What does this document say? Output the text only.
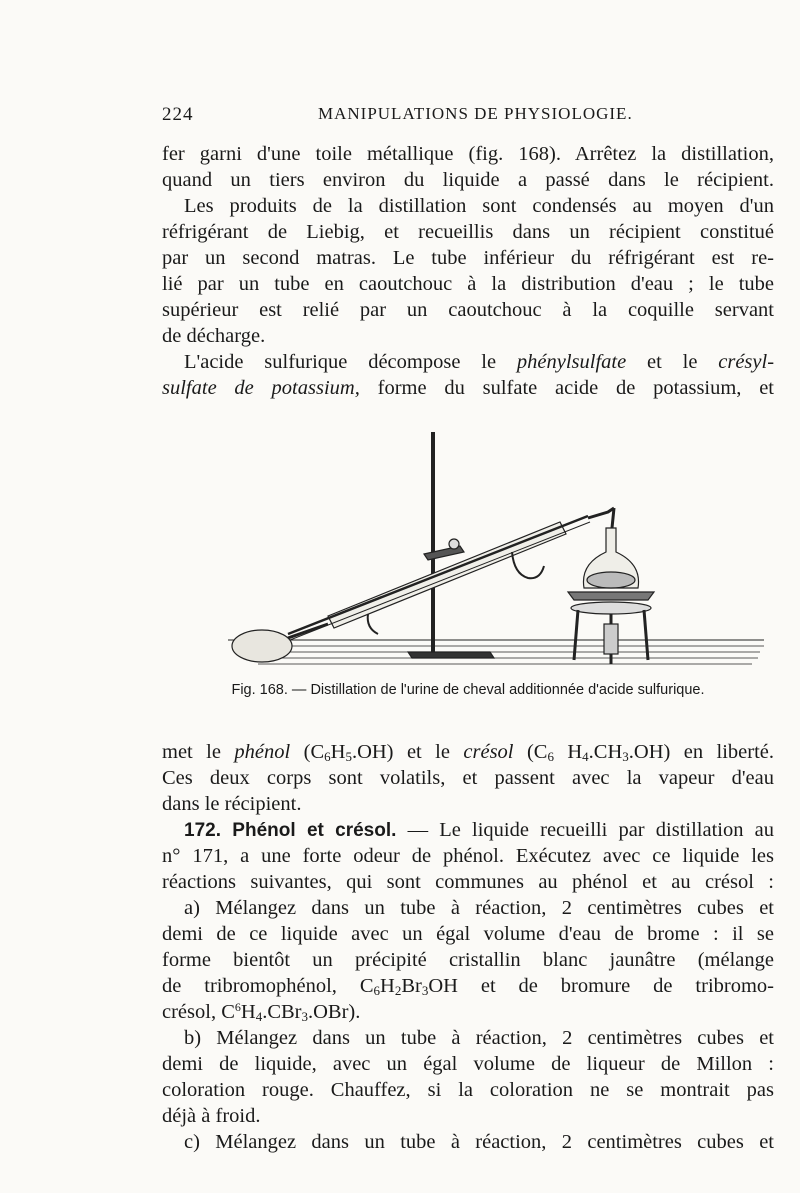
224	MANIPULATIONS DE PHYSIOLOGIE.
fer garni d'une toile métallique (fig. 168). Arrêtez la distillation,
quand un tiers environ du liquide a passé dans le récipient.
Les produits de la distillation sont condensés au moyen d'un
réfrigérant de Liebig, et recueillis dans un récipient constitué
par un second matras. Le tube inférieur du réfrigérant est re-
lié par un tube en caoutchouc à la distribution d'eau ; le tube
supérieur est relié par un caoutchouc à la coquille servant
de décharge.
L'acide sulfurique décompose le phénylsulfate et le crésyl-
sulfate de potassium, forme du sulfate acide de potassium, et
Fig. 168. — Distillation de l'urine de cheval additionnée d'acide sulfurique.
met le phénol $(C_6H_5.OH)$ et le crésol ($C_6$ $H_4.CH_3.OH$) en liberté.
Ces deux corps sont volatils, et passent avec la vapeur d'eau
dans le récipient.
172. Phénol et crésol. — Le liquide recueilli par distillation au
n° 171, a une forte odeur de phénol. Exécutez avec ce liquide les
réactions suivantes, qui sont communes au phénol et au crésol :
a) Mélangez dans un tube à réaction, 2 centimètres cubes et
demi de ce liquide avec un égal volume d'eau de brome : il se
forme bientôt un précipité cristallin blanc jaunâtre (mélange
de tribromophénol, $C_6H_2Br_3OH$ et de bromure de tribromo-
crésol, $C^6H_4.CBr_3.OBr$).
b) Mélangez dans un tube à réaction, 2 centimètres cubes et
demi de liquide, avec un égal volume de liqueur de Millon :
coloration rouge. Chauffez, si la coloration ne se montrait pas
déjà à froid.
c) Mélangez dans un tube à réaction, 2 centimètres cubes et
